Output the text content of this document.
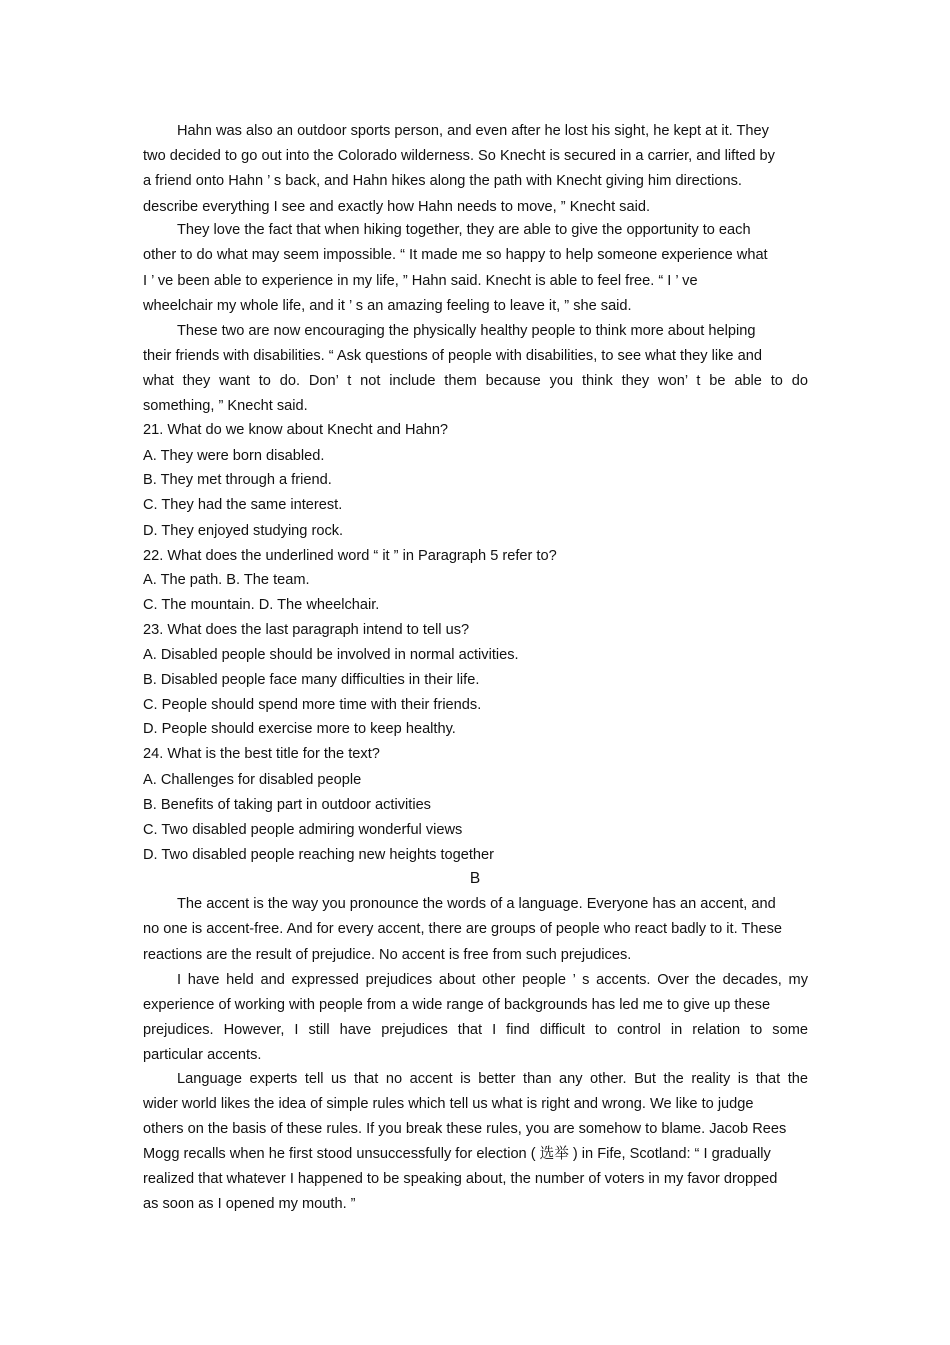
Hahn was also an outdoor sports person, and even after he lost his sight, he kept at it. They
two decided to go out into the Colorado wilderness. So Knecht is secured in a carrier, and lifted by
a friend onto Hahn ’ s back, and Hahn hikes along the path with Knecht giving him directions.
describe everything I see and exactly how Hahn needs to move, ” Knecht said.
They love the fact that when hiking together, they are able to give the opportunity to each
other to do what may seem impossible. “ It made me so happy to help someone experience what
I ’ ve been able to experience in my life, ” Hahn said. Knecht is able to feel free. “ I ’ ve
wheelchair my whole life, and it ’ s an amazing feeling to leave it, ” she said.
These two are now encouraging the physically healthy people to think more about helping
their friends with disabilities. “ Ask questions of people with disabilities, to see what they like and
what they want to do. Don’ t not include them because you think they won’ t be able to do
something, ” Knecht said.
21. What do we know about Knecht and Hahn?
A. They were born disabled.
B. They met through a friend.
C. They had the same interest.
D. They enjoyed studying rock.
22. What does the underlined word “ it ” in Paragraph 5 refer to?
A. The path. B. The team.
C. The mountain. D. The wheelchair.
23. What does the last paragraph intend to tell us?
A. Disabled people should be involved in normal activities.
B. Disabled people face many difficulties in their life.
C. People should spend more time with their friends.
D. People should exercise more to keep healthy.
24. What is the best title for the text?
A. Challenges for disabled people
B. Benefits of taking part in outdoor activities
C. Two disabled people admiring wonderful views
D. Two disabled people reaching new heights together
B
The accent is the way you pronounce the words of a language. Everyone has an accent, and
no one is accent-free. And for every accent, there are groups of people who react badly to it. These
reactions are the result of prejudice. No accent is free from such prejudices.
I have held and expressed prejudices about other people ’ s accents. Over the decades, my
experience of working with people from a wide range of backgrounds has led me to give up these
prejudices. However, I still have prejudices that I find difficult to control in relation to some
particular accents.
Language experts tell us that no accent is better than any other. But the reality is that the
wider world likes the idea of simple rules which tell us what is right and wrong. We like to judge
others on the basis of these rules. If you break these rules, you are somehow to blame. Jacob Rees
Mogg recalls when he first stood unsuccessfully for election ( 选举 ) in Fife, Scotland: “ I gradually
realized that whatever I happened to be speaking about, the number of voters in my favor dropped
as soon as I opened my mouth. ”
